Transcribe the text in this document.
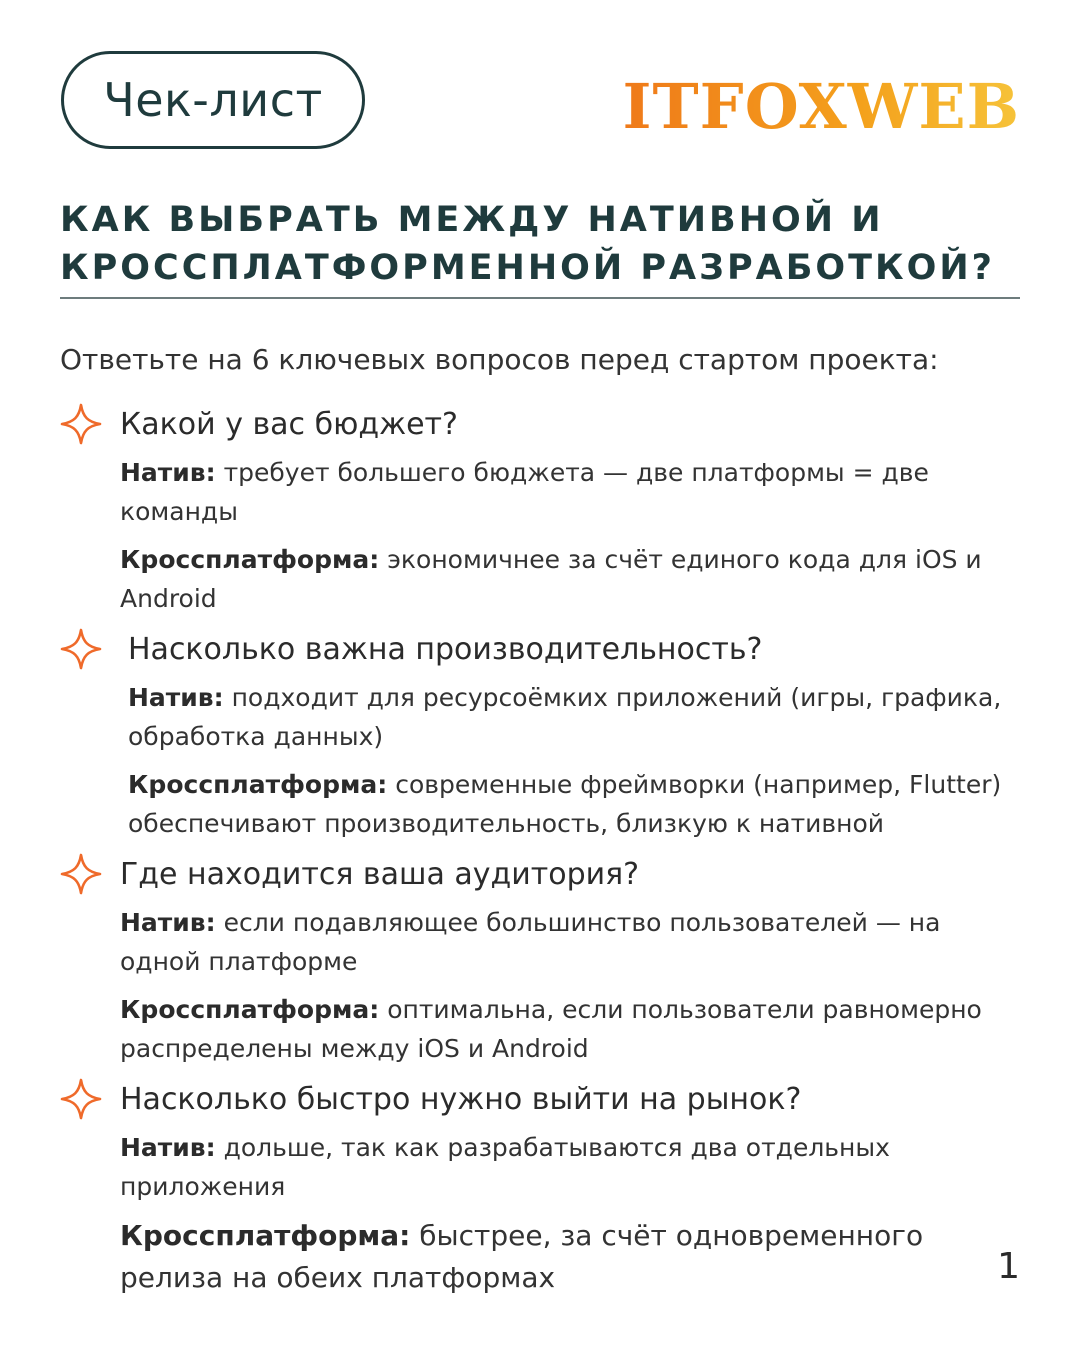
Чек-лист	ITFOXWEB
КАК ВЫБРАТЬ МЕЖДУ НАТИВНОЙ И КРОССПЛАТФОРМЕННОЙ РАЗРАБОТКОЙ?
Ответьте на 6 ключевых вопросов перед стартом проекта:
Какой у вас бюджет?
Натив: требует большего бюджета — две платформы = две команды
Кроссплатформа: экономичнее за счёт единого кода для iOS и Android
Насколько важна производительность?
Натив: подходит для ресурсоёмких приложений (игры, графика, обработка данных)
Кроссплатформа: современные фреймворки (например, Flutter) обеспечивают производительность, близкую к нативной
Где находится ваша аудитория?
Натив: если подавляющее большинство пользователей — на одной платформе
Кроссплатформа: оптимальна, если пользователи равномерно распределены между iOS и Android
Насколько быстро нужно выйти на рынок?
Натив: дольше, так как разрабатываются два отдельных приложения
Кроссплатформа: быстрее, за счёт одновременного релиза на обеих платформах	1
